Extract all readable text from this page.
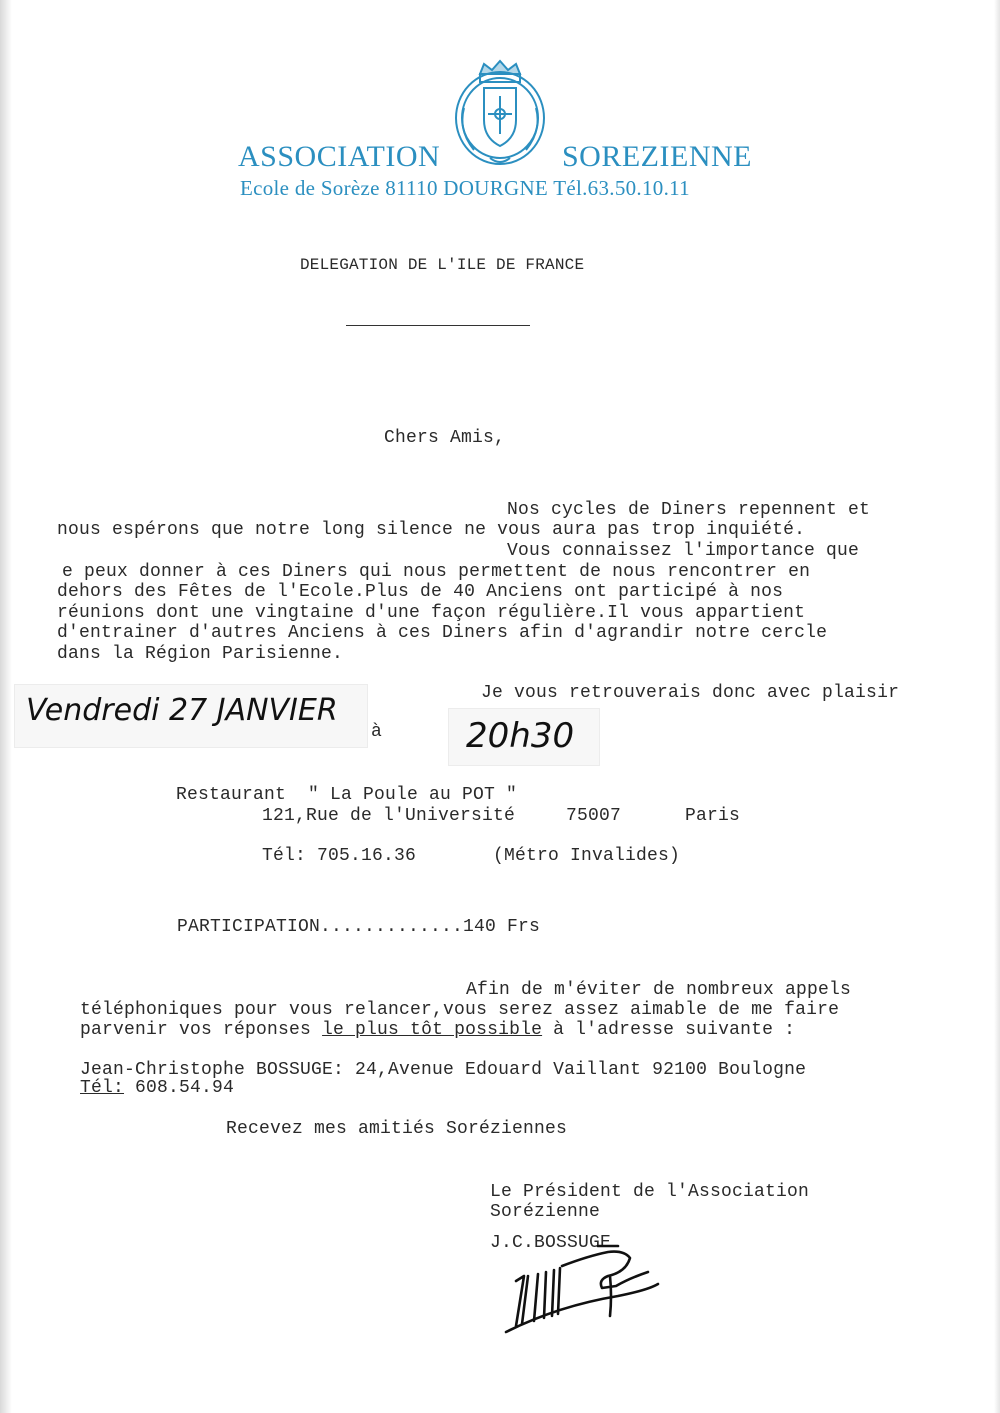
ASSOCIATION	SOREZIENNE
Ecole de Sorèze 81110 DOURGNE Tél.63.50.10.11
DELEGATION DE L'ILE DE FRANCE
Chers Amis,
Nos cycles de Diners repennent et
nous espérons que notre long silence ne vous aura pas trop inquiété.
Vous connaissez l'importance que
e peux donner à ces Diners qui nous permettent de nous rencontrer en
dehors des Fêtes de l'Ecole.Plus de 40 Anciens ont participé à nos
réunions dont une vingtaine d'une façon régulière.Il vous appartient
d'entrainer d'autres Anciens à ces Diners afin d'agrandir notre cercle
dans la Région Parisienne.
Je vous retrouverais donc avec plaisir
Vendredi 27 JANVIER
à 20h30
Restaurant  " La Poule au POT "
121,Rue de l'Université	75007	Paris
Tél: 705.16.36	(Métro Invalides)
PARTICIPATION.............140 Frs
Afin de m'éviter de nombreux appels
téléphoniques pour vous relancer,vous serez assez aimable de me faire
parvenir vos réponses le plus tôt possible à l'adresse suivante :
Jean-Christophe BOSSUGE: 24,Avenue Edouard Vaillant 92100 Boulogne
Tél: 608.54.94
Recevez mes amitiés Soréziennes
Le Président de l'Association
Sorézienne
J.C.BOSSUGE
